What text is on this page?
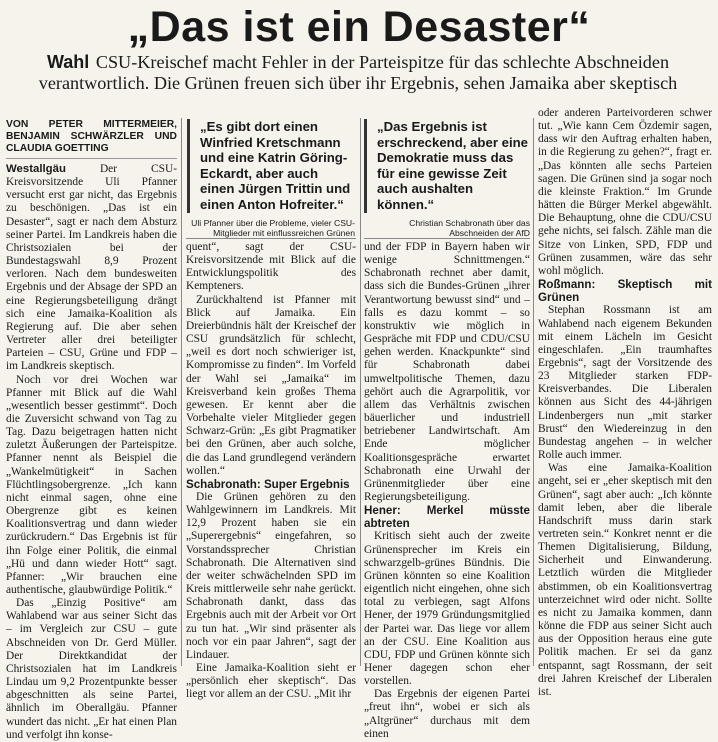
„Das ist ein Desaster“
Wahl CSU-Kreischef macht Fehler in der Parteispitze für das schlechte Abschneiden verantwortlich. Die Grünen freuen sich über ihr Ergebnis, sehen Jamaika aber skeptisch
VON PETER MITTERMEIER, BENJAMIN SCHWÄRZLER UND CLAUDIA GOETTING

Westallgäu	Der CSU-Kreisvorsitzende Uli Pfanner versucht erst gar nicht, das Ergebnis zu beschönigen. „Das ist ein Desaster“, sagt er nach dem Absturz seiner Partei. Im Landkreis haben die Christsozialen bei der Bundestagswahl 8,9 Prozent verloren. Nach dem bundesweiten Ergebnis und der Absage der SPD an eine Regierungsbeteiligung drängt sich eine Jamaika-Koalition als Regierung auf. Die aber sehen Vertreter aller drei beteiligter Parteien – CSU, Grüne und FDP – im Landkreis skeptisch.

Noch vor drei Wochen war Pfanner mit Blick auf die Wahl „wesentlich besser gestimmt“. Doch die Zuversicht schwand von Tag zu Tag. Dazu beigetragen hatten nicht zuletzt Äußerungen der Parteispitze. Pfanner nennt als Beispiel die „Wankelmütigkeit“ in Sachen Flüchtlingsobergrenze. „Ich kann nicht einmal sagen, ohne eine Obergrenze gibt es keinen Koalitionsvertrag und dann wieder zurückrudern.“ Das Ergebnis ist für ihn Folge einer Politik, die einmal „Hü und dann wieder Hott“ sagt. Pfanner: „Wir brauchen eine authentische, glaubwürdige Politik.“

Das „Einzig Positive“ am Wahlabend war aus seiner Sicht das – im Vergleich zur CSU – gute Abschneiden von Dr. Gerd Müller. Der Direktkandidat der Christsozialen hat im Landkreis Lindau um 9,2 Prozentpunkte besser abgeschnitten als seine Partei, ähnlich im Oberallgäu. Pfanner wundert das nicht. „Er hat einen Plan und verfolgt ihn konse-

„Es gibt dort einen Winfried Kretschmann und eine Katrin Göring-Eckardt, aber auch einen Jürgen Trittin und einen Anton Hofreiter.“
Uli Pfanner über die Probleme, vieler CSU-Mitglieder mit einflussreichen Grünen
„Das Ergebnis ist erschreckend, aber eine Demokratie muss das für eine gewisse Zeit auch aushalten können.“
Christian Schabronath über das Abschneiden der AfD

quent“, sagt der CSU-Kreisvorsitzende mit Blick auf die Entwicklungspolitik des Kempteners.

Zurückhaltend ist Pfanner mit Blick auf Jamaika. Ein Dreierbündnis hält der Kreischef der CSU grundsätzlich für schlecht, „weil es dort noch schwieriger ist, Kompromisse zu finden“. Im Vorfeld der Wahl sei „Jamaika“ im Kreisverband kein großes Thema gewesen. Er kennt aber die Vorbehalte vieler Mitglieder gegen Schwarz-Grün: „Es gibt Pragmatiker bei den Grünen, aber auch solche, die das Land grundlegend verändern wollen.“

Schabronath: Super Ergebnis

Die Grünen gehören zu den Wahlgewinnern im Landkreis. Mit 12,9 Prozent haben sie ein „Superergebnis“ eingefahren, so Vorstandssprecher Christian Schabronath. Die Alternativen sind der weiter schwächelnden SPD im Kreis mittlerweile sehr nahe gerückt. Schabronath dankt, dass das Ergebnis auch mit der Arbeit vor Ort zu tun hat. „Wir sind präsenter als noch vor ein paar Jahren“, sagt der Lindauer.

Eine Jamaika-Koalition sieht er „persönlich eher skeptisch“. Das liegt vor allem an der CSU. „Mit ihr

und der FDP in Bayern haben wir wenige Schnittmengen.“ Schabronath rechnet aber damit, dass sich die Bundes-Grünen „ihrer Verantwortung bewusst sind“ und – falls es dazu kommt – so konstruktiv wie möglich in Gespräche mit FDP und CDU/CSU gehen werden. Knackpunkte“ sind für Schabronath dabei umweltpolitische Themen, dazu gehört auch die Agrarpolitik, vor allem das Verhältnis zwischen bäuerlicher und industriell betriebener Landwirtschaft. Am Ende möglicher Koalitionsgespräche erwartet Schabronath eine Urwahl der Grünenmitglieder über eine Regierungsbeteiligung.

Hener: Merkel müsste abtreten

Kritisch sieht auch der zweite Grünensprecher im Kreis ein schwarzgelb-grünes Bündnis. Die Grünen könnten so eine Koalition eigentlich nicht eingehen, ohne sich total zu verbiegen, sagt Alfons Hener, der 1979 Gründungsmitglied der Partei war. Das liege vor allem an der CSU. Eine Koalition aus CDU, FDP und Grünen könnte sich Hener dagegen schon eher vorstellen.

Das Ergebnis der eigenen Partei „freut ihn“, wobei er sich als „Altgrüner“ durchaus mit dem einen

oder anderen Parteivorderen schwer tut. „Wie kann Cem Özdemir sagen, dass wir den Auftrag erhalten haben, in die Regierung zu gehen?“, fragt er. „Das könnten alle sechs Parteien sagen. Die Grünen sind ja sogar noch die kleinste Fraktion.“ Im Grunde hätten die Bürger Merkel abgewählt. Die Behauptung, ohne die CDU/CSU gehe nichts, sei falsch. Zähle man die Sitze von Linken, SPD, FDP und Grünen zusammen, wäre das sehr wohl möglich.

Roßmann: Skeptisch mit Grünen

Stephan Rossmann ist am Wahlabend nach eigenem Bekunden mit einem Lächeln im Gesicht eingeschlafen. „Ein traumhaftes Ergebnis“, sagt der Vorsitzende des 23 Mitglieder starken FDP-Kreisverbandes. Die Liberalen können aus Sicht des 44-jährigen Lindenbergers nun „mit starker Brust“ den Wiedereinzug in den Bundestag angehen – in welcher Rolle auch immer.

Was eine Jamaika-Koalition angeht, sei er „eher skeptisch mit den Grünen“, sagt aber auch: „Ich könnte damit leben, aber die liberale Handschrift muss darin stark vertreten sein.“ Konkret nennt er die Themen Digitalisierung, Bildung, Sicherheit und Einwanderung. Letztlich würden die Mitglieder abstimmen, ob ein Koalitionsvertrag unterzeichnet wird oder nicht. Sollte es nicht zu Jamaika kommen, dann könne die FDP aus seiner Sicht auch aus der Opposition heraus eine gute Politik machen. Er sei da ganz entspannt, sagt Rossmann, der seit drei Jahren Kreischef der Liberalen ist.
